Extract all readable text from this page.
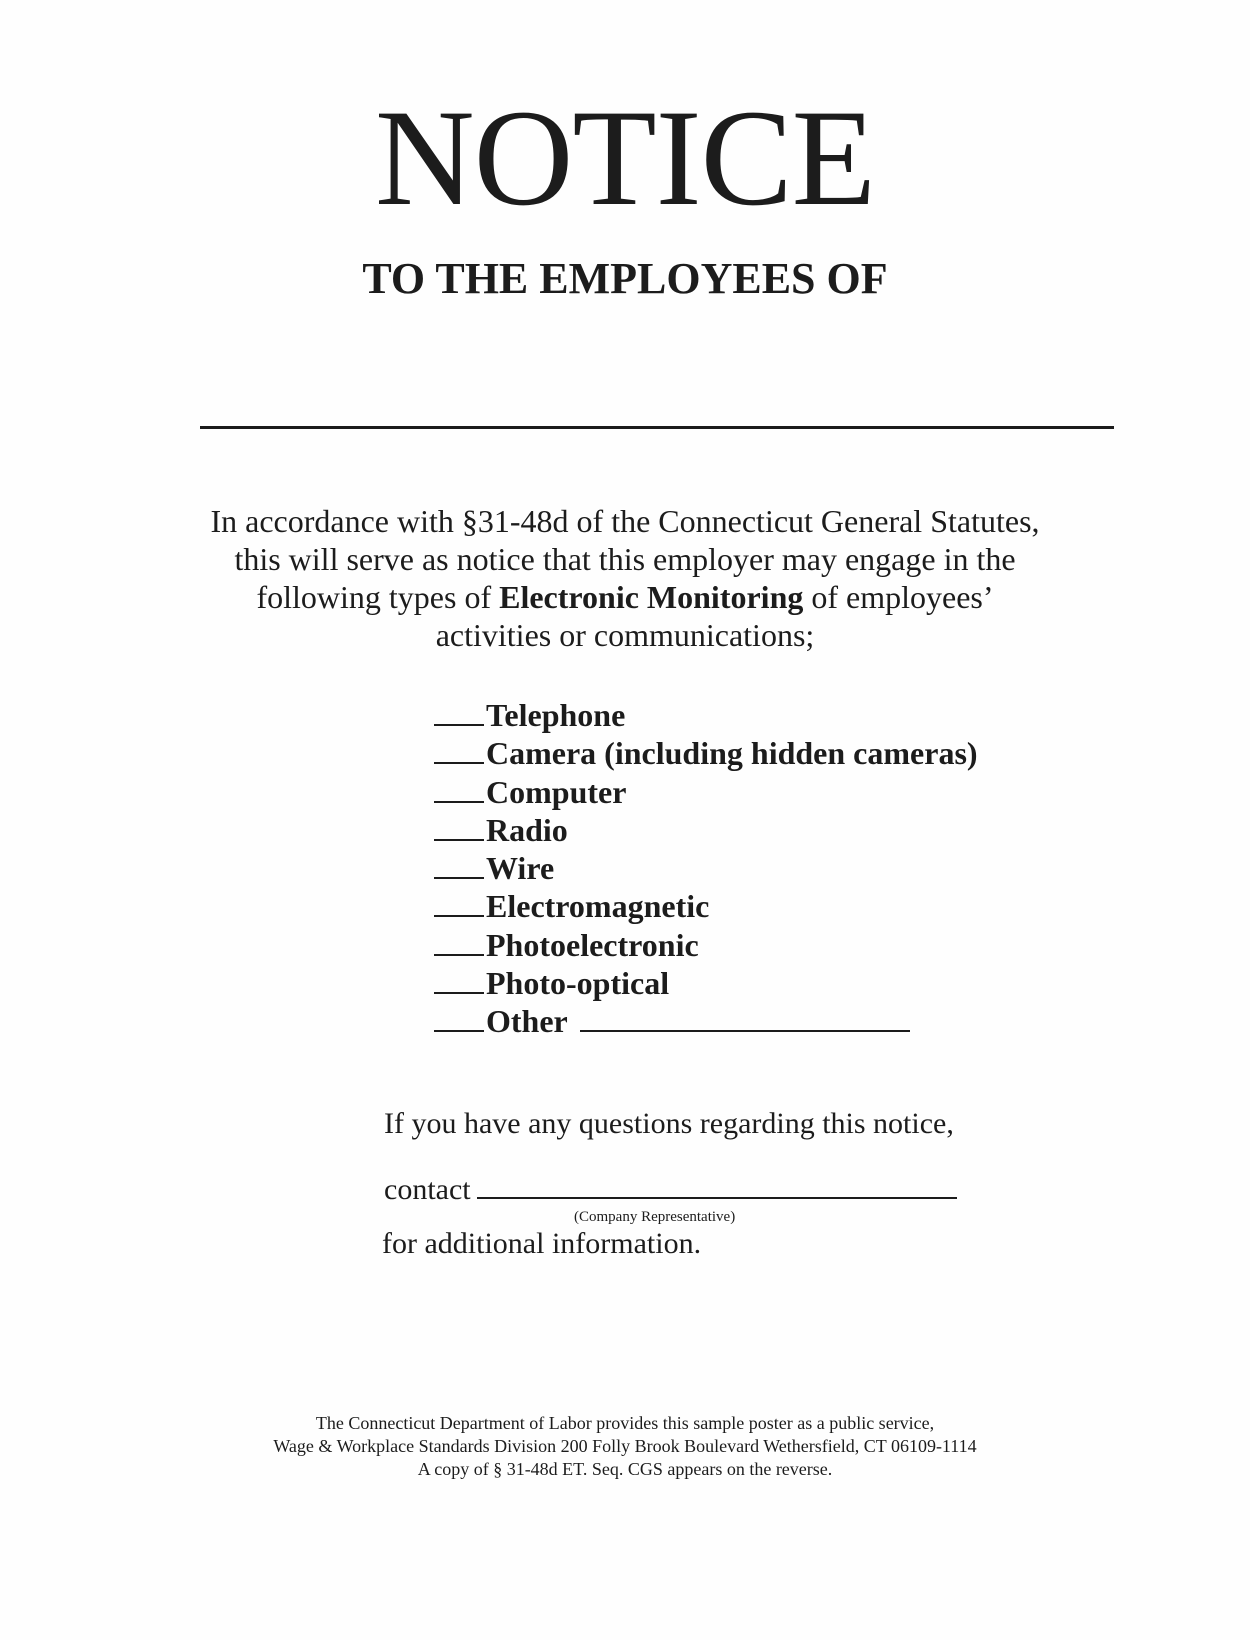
NOTICE
TO THE EMPLOYEES OF
In accordance with §31-48d of the Connecticut General Statutes,
this will serve as notice that this employer may engage in the
following types of Electronic Monitoring of employees’
activities or communications;
Telephone
Camera (including hidden cameras)
Computer
Radio
Wire
Electromagnetic
Photoelectronic
Photo-optical
Other

If you have any questions regarding this notice,

contact

(Company Representative)

for additional information.

The Connecticut Department of Labor provides this sample poster as a public service,
Wage & Workplace Standards Division 200 Folly Brook Boulevard Wethersfield, CT 06109-1114
A copy of § 31-48d ET. Seq. CGS appears on the reverse.
